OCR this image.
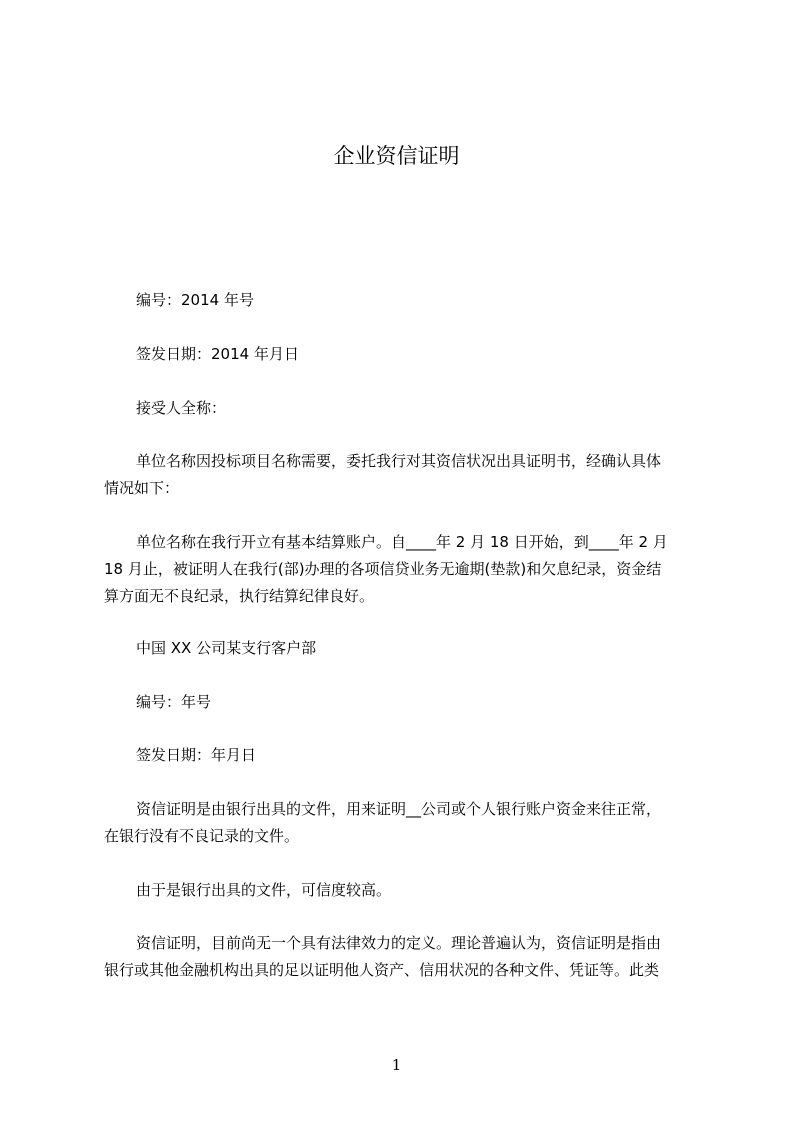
企业资信证明
编号：2014 年号
签发日期：2014 年月日
接受人全称：
单位名称因投标项目名称需要，委托我行对其资信状况出具证明书，经确认具体
情况如下：
单位名称在我行开立有基本结算账户。自____年 2 月 18 日开始，到____年 2 月
18 月止，被证明人在我行(部)办理的各项信贷业务无逾期(垫款)和欠息纪录，资金结
算方面无不良纪录，执行结算纪律良好。
中国 XX 公司某支行客户部
编号：年号
签发日期：年月日
资信证明是由银行出具的文件，用来证明__公司或个人银行账户资金来往正常，
在银行没有不良记录的文件。
由于是银行出具的文件，可信度较高。
资信证明，目前尚无一个具有法律效力的定义。理论普遍认为，资信证明是指由
银行或其他金融机构出具的足以证明他人资产、信用状况的各种文件、凭证等。此类
1
